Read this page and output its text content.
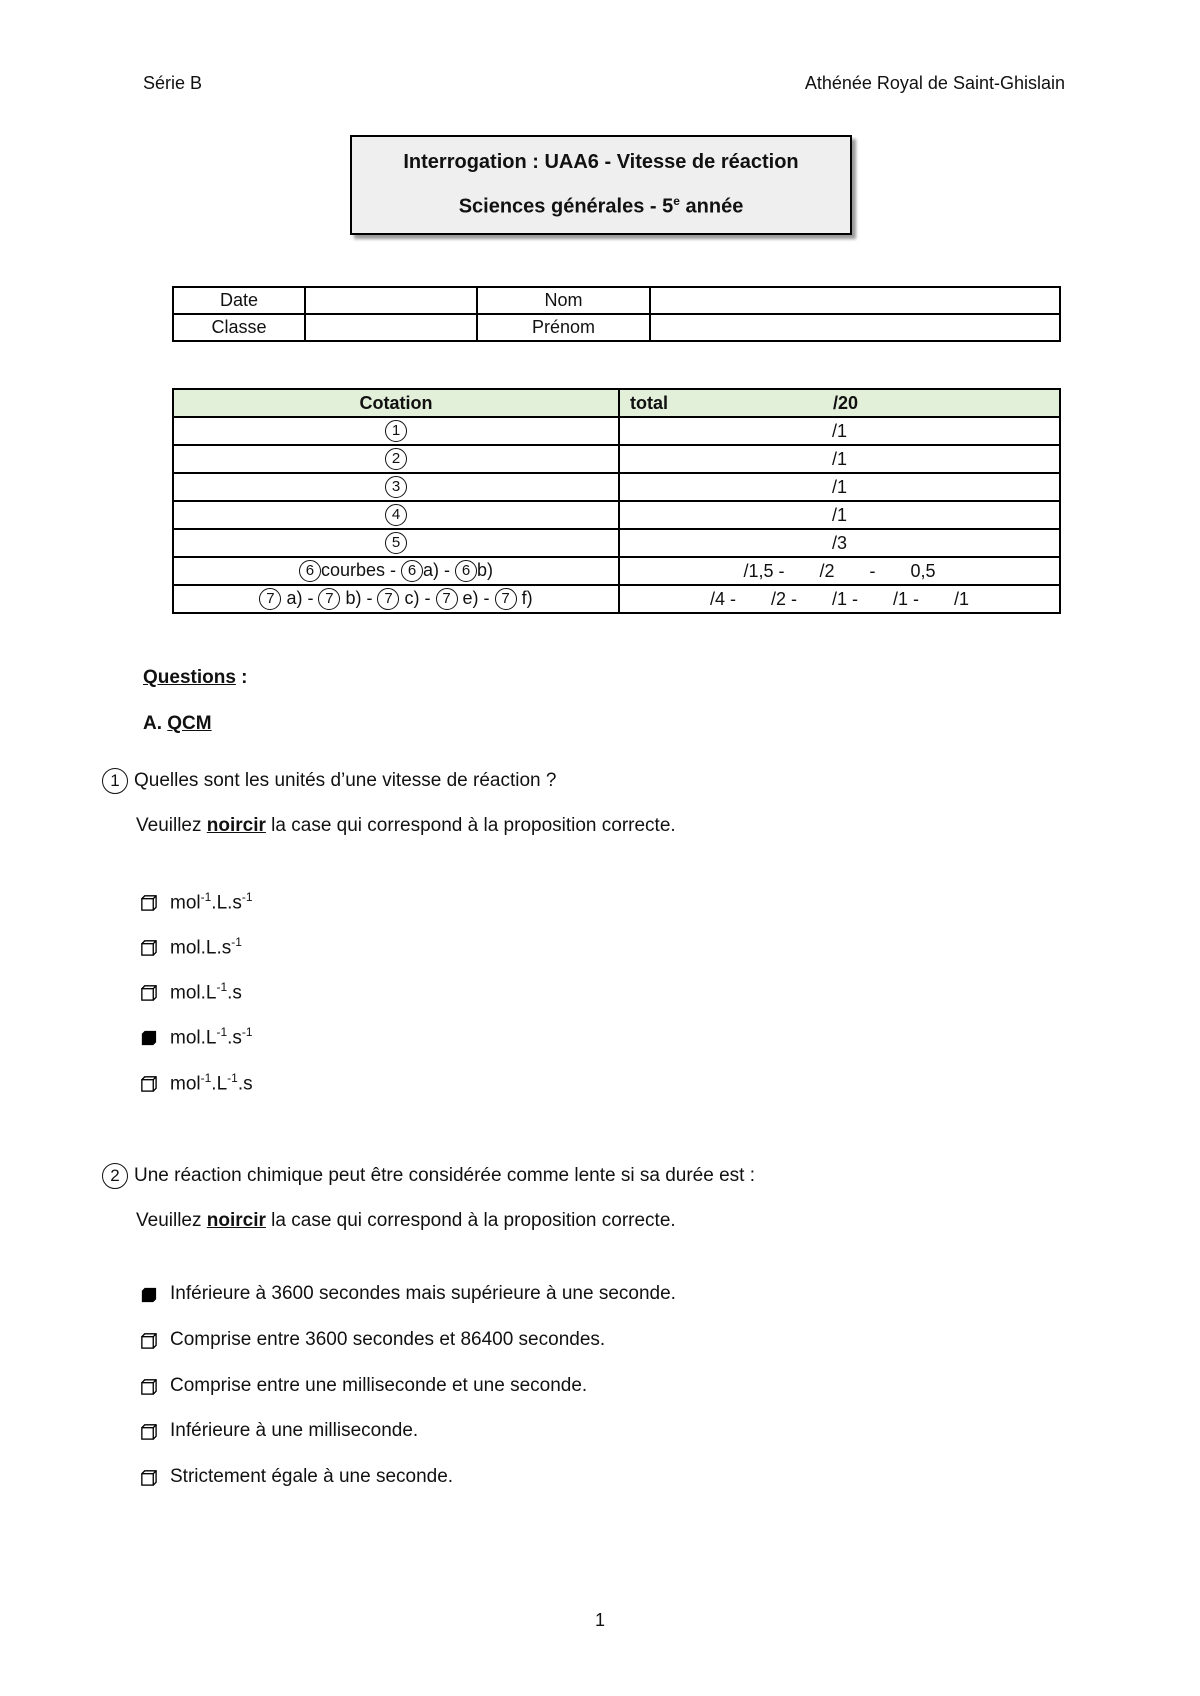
Série B	Athénée Royal de Saint-Ghislain
Interrogation : UAA6 - Vitesse de réaction
Sciences générales - 5e année
Date		Nom	
Classe		Prénom	
Cotation	total /20
1	/1
2	/1
3	/1
4	/1
5	/3
6 courbes - 6 a) - 6 b)	/1,5 -       /2       -       0,5
7 a) - 7 b) - 7 c) - 7 e) - 7 f)	/4 -       /2 -       /1 -       /1 -       /1
Questions :
A. QCM
1 Quelles sont les unités d’une vitesse de réaction ?
Veuillez noircir la case qui correspond à la proposition correcte.
$mol^{-1}.L.s^{-1}$
$mol.L.s^{-1}$
$mol.L^{-1}.s$
$mol.L^{-1}.s^{-1}$
$mol^{-1}.L^{-1}.s$
2 Une réaction chimique peut être considérée comme lente si sa durée est :
Veuillez noircir la case qui correspond à la proposition correcte.
Inférieure à 3600 secondes mais supérieure à une seconde.
Comprise entre 3600 secondes et 86400 secondes.
Comprise entre une milliseconde et une seconde.
Inférieure à une milliseconde.
Strictement égale à une seconde.
1
